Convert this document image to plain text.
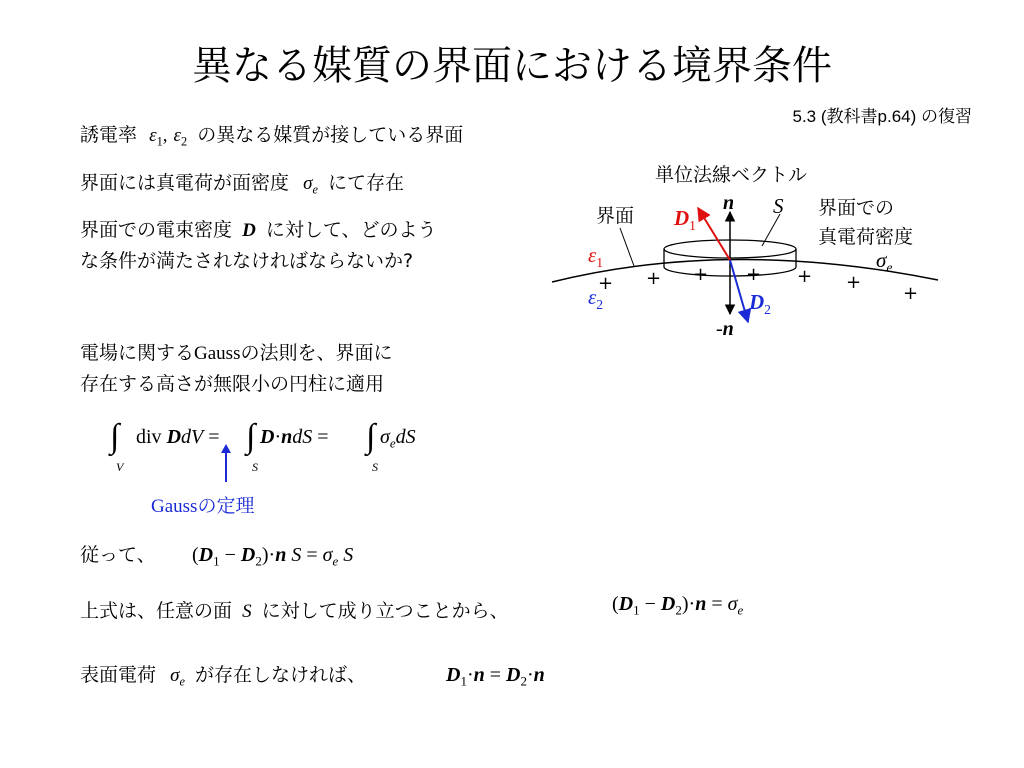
異なる媒質の界面における境界条件
5.3 (教科書p.64) の復習
誘電率 $\varepsilon_1$, $\varepsilon_2$ の異なる媒質が接している界面
界面には真電荷が面密度 $\sigma_e$ にて存在
界面での電束密度 D に対して、どのよう
な条件が満たされなければならないか?
電場に関するGaussの法則を、界面に
存在する高さが無限小の円柱に適用
∫
V
div DdV = ∫
S
D·ndS = ∫
S
$\sigma_edS$
Gaussの定理
従って、 $(D_1 - D_2)\cdot n$ $S = \sigma_e$ S
上式は、任意の面 S に対して成り立つことから、	$(D_1 - D_2)\cdot n = \sigma_e$
表面電荷 $\sigma_e$ が存在しなければ、	$D_1\cdot n = D_2\cdot n$
単位法線ベクトル
界面	界面での
真電荷密度
n S
$D_1$
$D_2$
-n
$\varepsilon_1$
$\varepsilon_2$
$\sigma_e$
+ + + + + +
+
